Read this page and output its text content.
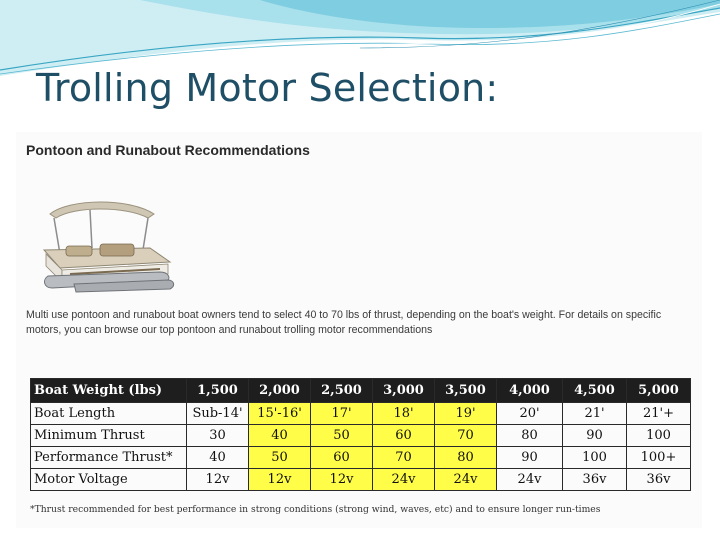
Trolling Motor Selection:
Pontoon and Runabout Recommendations
Multi use pontoon and runabout boat owners tend to select 40 to 70 lbs of thrust, depending on the boat's weight. For details on specific motors, you can browse our top pontoon and runabout trolling motor recommendations
Boat Weight (lbs)	1,500	2,000	2,500	3,000	3,500	4,000	4,500	5,000
Boat Length	Sub-14'	15'-16'	17'	18'	19'	20'	21'	21'+
Minimum Thrust	30	40	50	60	70	80	90	100
Performance Thrust*	40	50	60	70	80	90	100	100+
Motor Voltage	12v	12v	12v	24v	24v	24v	36v	36v
*Thrust recommended for best performance in strong conditions (strong wind, waves, etc) and to ensure longer run-times
